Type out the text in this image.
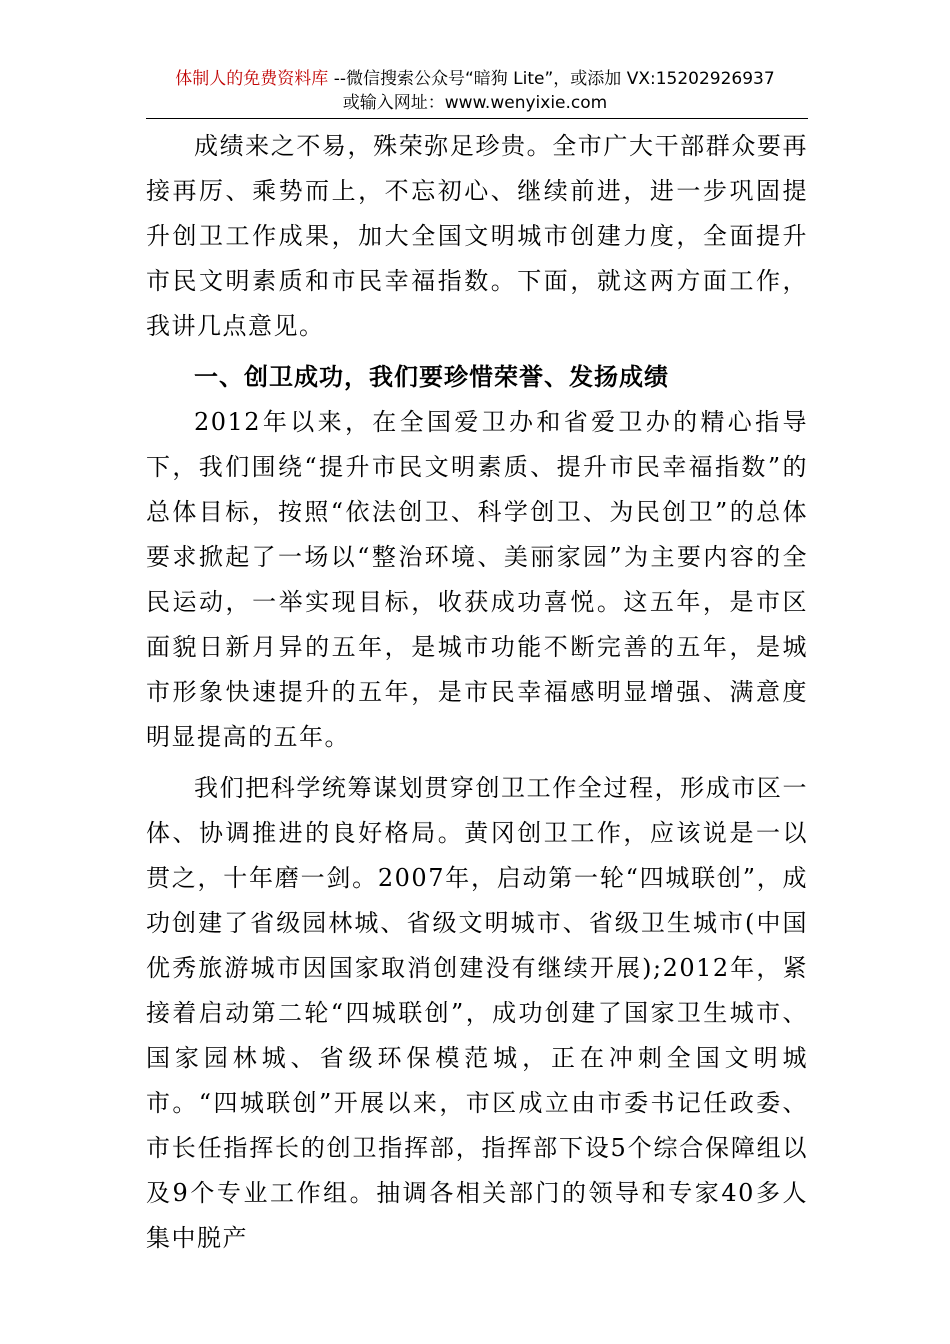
体制人的免费资料库 --微信搜索公众号“暗狗 Lite”，或添加 VX:15202926937
或输入网址：www.wenyixie.com

成绩来之不易，殊荣弥足珍贵。全市广大干部群众要再接再厉、乘势而上，不忘初心、继续前进，进一步巩固提升创卫工作成果，加大全国文明城市创建力度，全面提升市民文明素质和市民幸福指数。下面，就这两方面工作，我讲几点意见。

一、创卫成功，我们要珍惜荣誉、发扬成绩

2012年以来，在全国爱卫办和省爱卫办的精心指导下，我们围绕“提升市民文明素质、提升市民幸福指数”的总体目标，按照“依法创卫、科学创卫、为民创卫”的总体要求掀起了一场以“整治环境、美丽家园”为主要内容的全民运动，一举实现目标，收获成功喜悦。这五年，是市区面貌日新月异的五年，是城市功能不断完善的五年，是城市形象快速提升的五年，是市民幸福感明显增强、满意度明显提高的五年。

我们把科学统筹谋划贯穿创卫工作全过程，形成市区一体、协调推进的良好格局。黄冈创卫工作，应该说是一以贯之，十年磨一剑。2007年，启动第一轮“四城联创”，成功创建了省级园林城、省级文明城市、省级卫生城市(中国优秀旅游城市因国家取消创建没有继续开展);2012年，紧接着启动第二轮“四城联创”，成功创建了国家卫生城市、国家园林城、省级环保模范城，正在冲刺全国文明城市。“四城联创”开展以来，市区成立由市委书记任政委、市长任指挥长的创卫指挥部，指挥部下设5个综合保障组以及9个专业工作组。抽调各相关部门的领导和专家40多人集中脱产
